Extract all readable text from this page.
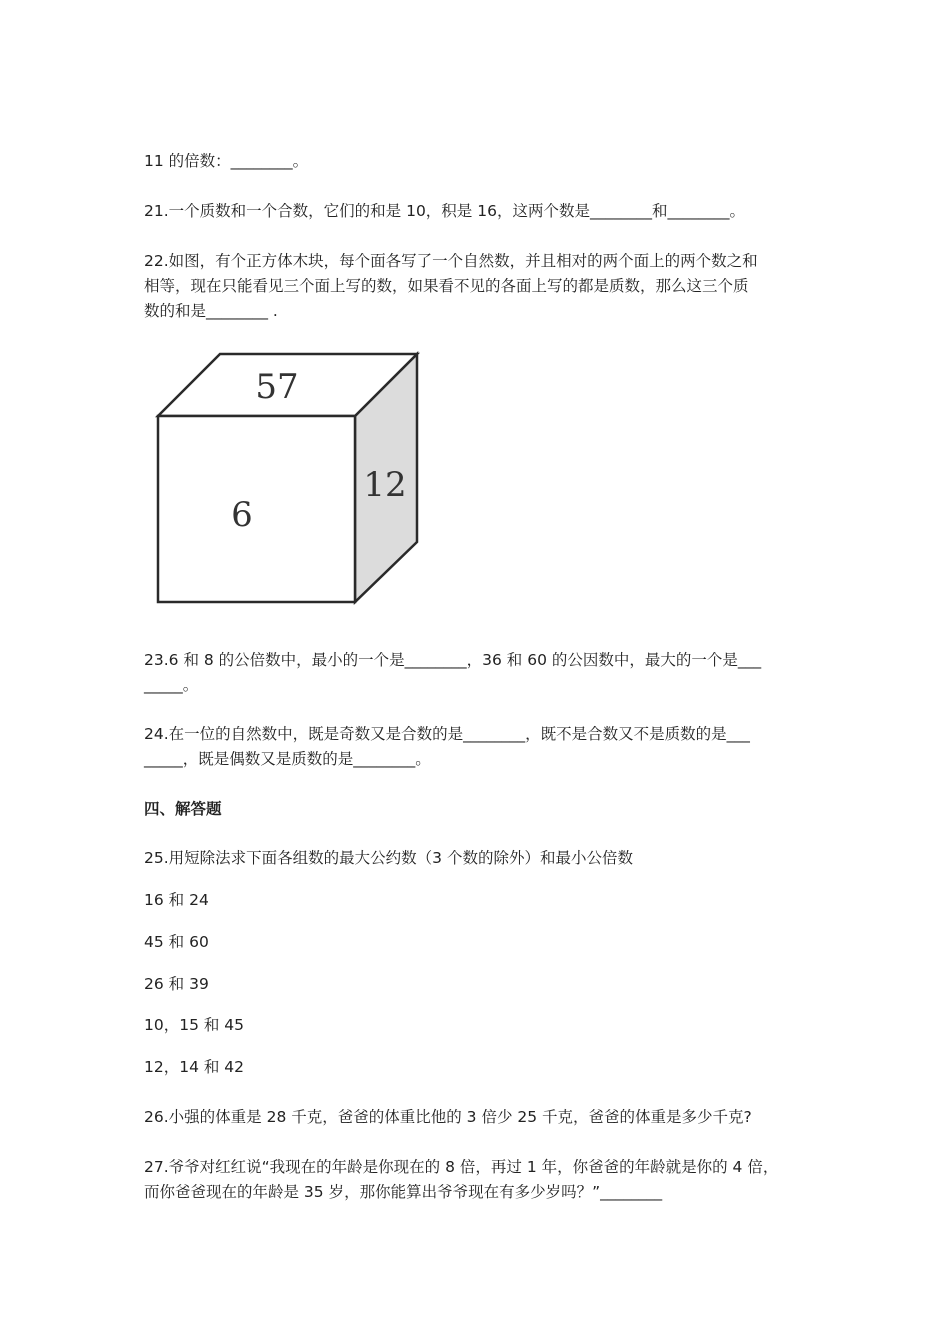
11 的倍数：________。

21.一个质数和一个合数，它们的和是 10，积是 16，这两个数是________和________。

22.如图，有个正方体木块，每个面各写了一个自然数，并且相对的两个面上的两个数之和

相等，现在只能看见三个面上写的数，如果看不见的各面上写的都是质数，那么这三个质

数的和是________ .

57
6
12

23.6 和 8 的公倍数中，最小的一个是________，36 和 60 的公因数中，最大的一个是___

_____。

24.在一位的自然数中，既是奇数又是合数的是________，既不是合数又不是质数的是___

_____，既是偶数又是质数的是________。

四、解答题

25.用短除法求下面各组数的最大公约数（3 个数的除外）和最小公倍数

16 和 24

45 和 60

26 和 39

10，15 和 45

12，14 和 42

26.小强的体重是 28 千克，爸爸的体重比他的 3 倍少 25 千克，爸爸的体重是多少千克?

27.爷爷对红红说“我现在的年龄是你现在的 8 倍，再过 1 年，你爸爸的年龄就是你的 4 倍，

而你爸爸现在的年龄是 35 岁，那你能算出爷爷现在有多少岁吗？”________
